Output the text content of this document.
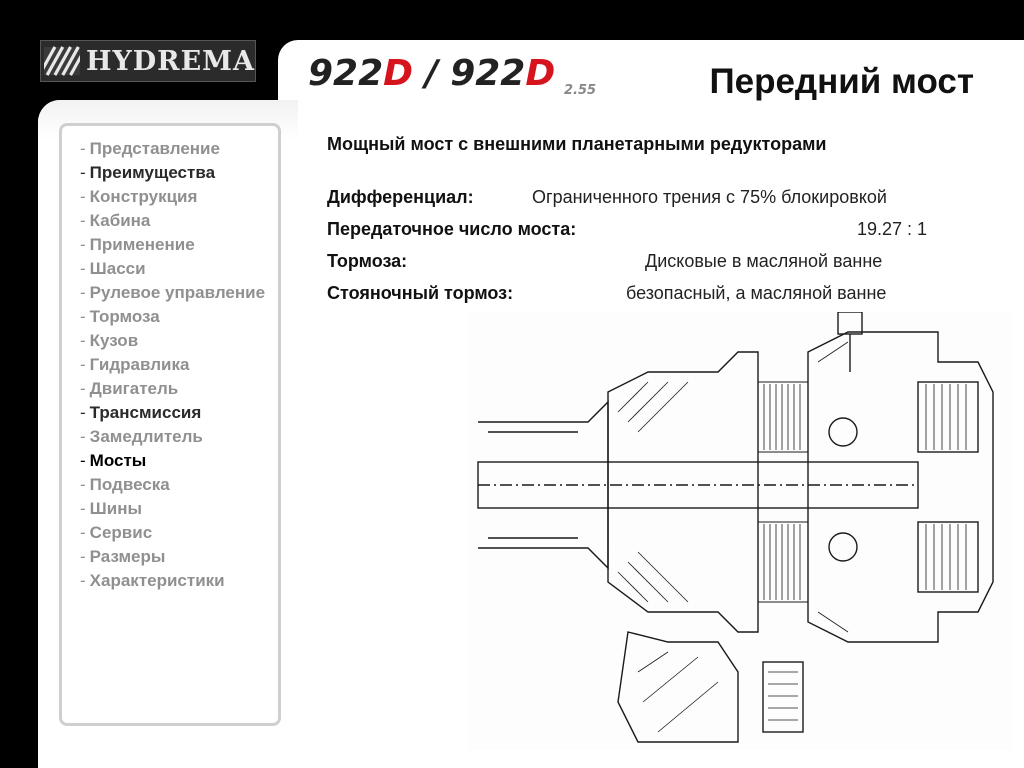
HYDREMA 922D / 922D 2.55	Передний мост
- Представление
- Преимущества
- Конструкция
- Кабина
- Применение
- Шасси
- Рулевое управление
- Тормоза
- Кузов
- Гидравлика
- Двигатель
- Трансмиссия
- Замедлитель
- Мосты
- Подвеска
- Шины
- Сервис
- Размеры
- Характеристики
Мощный мост с внешними планетарными редукторами
Дифференциал:	Ограниченного трения с 75% блокировкой
Передаточное число моста:	19.27 : 1
Тормоза:	Дисковые в масляной ванне
Стояночный тормоз:	безопасный, а масляной ванне
